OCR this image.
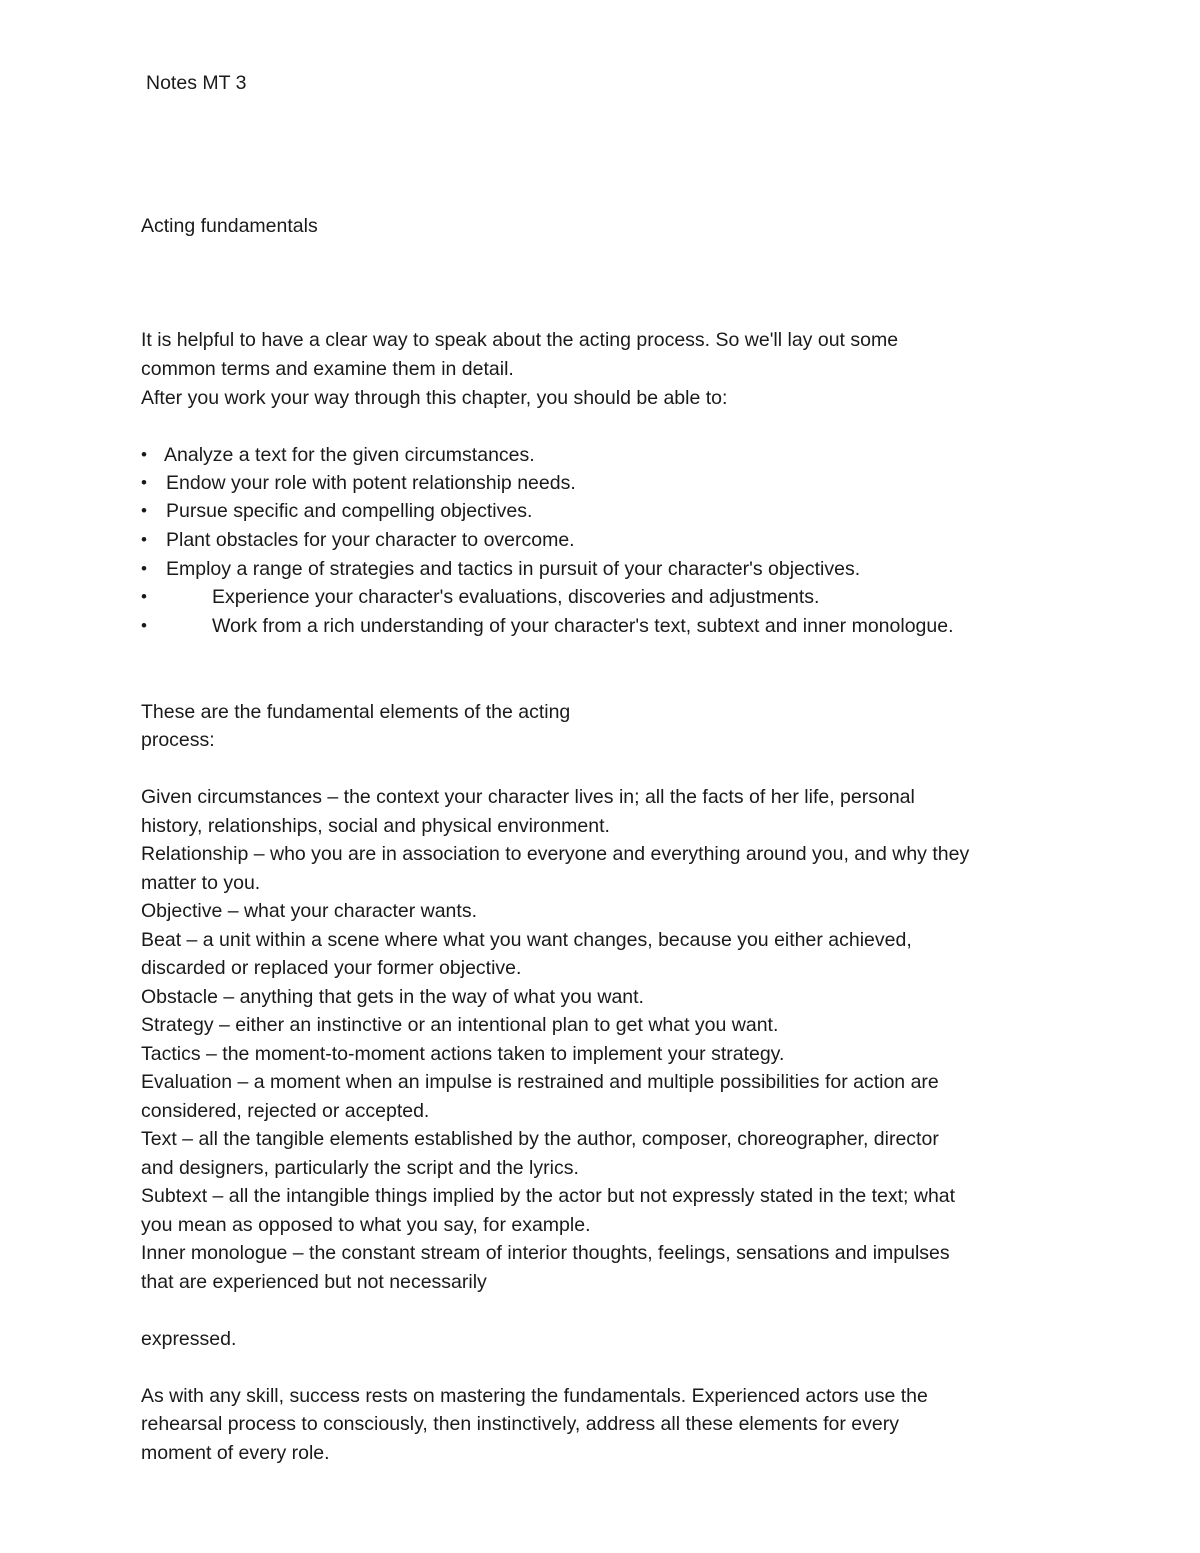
Notes MT 3
Acting fundamentals
It is helpful to have a clear way to speak about the acting process. So we'll lay out some
common terms and examine them in detail.
After you work your way through this chapter, you should be able to:
• Analyze a text for the given circumstances.
• Endow your role with potent relationship needs.
• Pursue specific and compelling objectives.
• Plant obstacles for your character to overcome.
• Employ a range of strategies and tactics in pursuit of your character's objectives.
•	Experience your character's evaluations, discoveries and adjustments.
•	Work from a rich understanding of your character's text, subtext and inner monologue.
These are the fundamental elements of the acting
process:
Given circumstances – the context your character lives in; all the facts of her life, personal
history, relationships, social and physical environment.
Relationship – who you are in association to everyone and everything around you, and why they
matter to you.
Objective – what your character wants.
Beat – a unit within a scene where what you want changes, because you either achieved,
discarded or replaced your former objective.
Obstacle – anything that gets in the way of what you want.
Strategy – either an instinctive or an intentional plan to get what you want.
Tactics – the moment-to-moment actions taken to implement your strategy.
Evaluation – a moment when an impulse is restrained and multiple possibilities for action are
considered, rejected or accepted.
Text – all the tangible elements established by the author, composer, choreographer, director
and designers, particularly the script and the lyrics.
Subtext – all the intangible things implied by the actor but not expressly stated in the text; what
you mean as opposed to what you say, for example.
Inner monologue – the constant stream of interior thoughts, feelings, sensations and impulses
that are experienced but not necessarily
expressed.
As with any skill, success rests on mastering the fundamentals. Experienced actors use the
rehearsal process to consciously, then instinctively, address all these elements for every
moment of every role.
